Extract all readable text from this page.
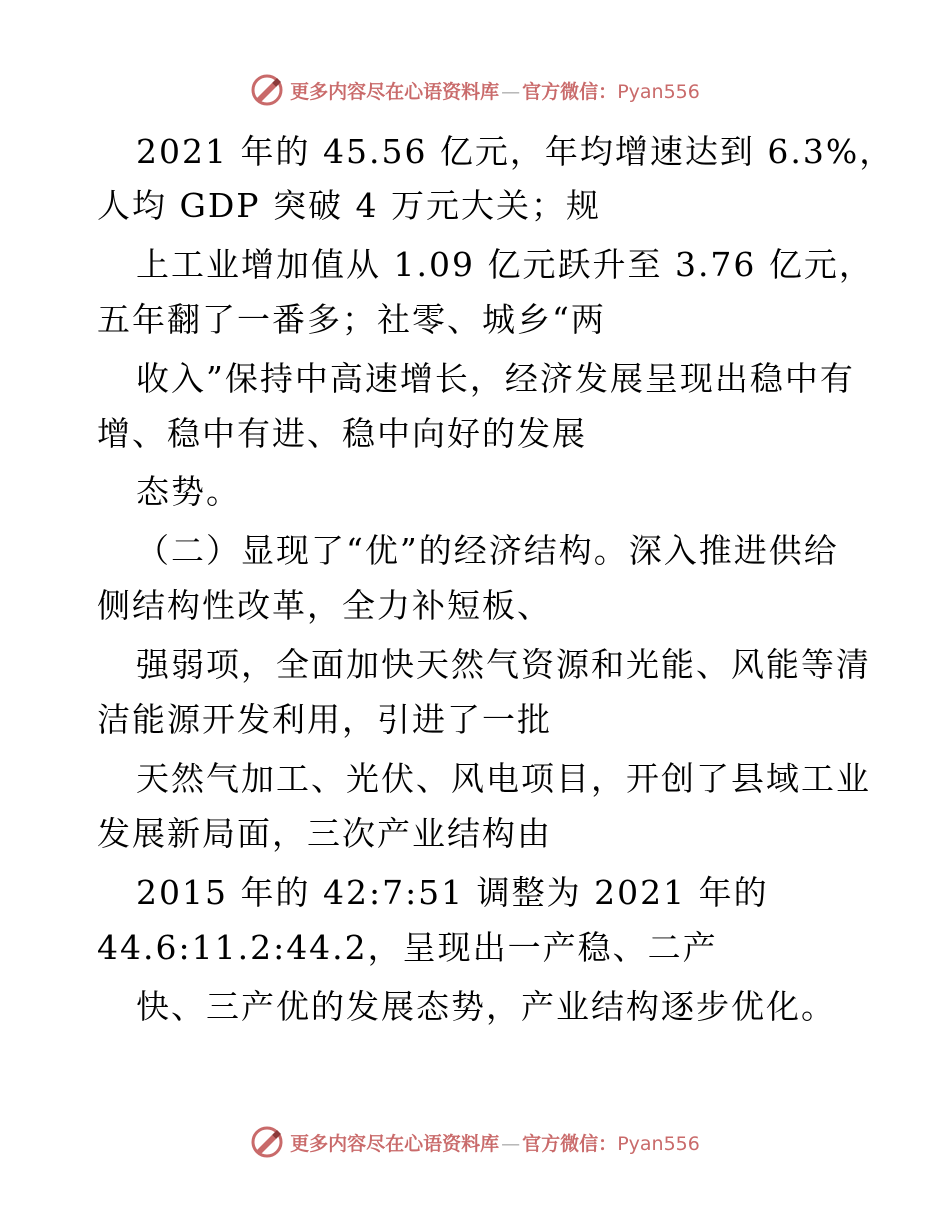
更多内容尽在心语资料库 — 官方微信：Pyan556
2021 年的 45.56 亿元，年均增速达到 6.3%，
人均 GDP 突破 4 万元大关；规
上工业增加值从 1.09 亿元跃升至 3.76 亿元，
五年翻了一番多；社零、城乡“两
收入”保持中高速增长，经济发展呈现出稳中有
增、稳中有进、稳中向好的发展
态势。
（二）显现了“优”的经济结构。深入推进供给
侧结构性改革，全力补短板、
强弱项，全面加快天然气资源和光能、风能等清
洁能源开发利用，引进了一批
天然气加工、光伏、风电项目，开创了县域工业
发展新局面，三次产业结构由
2015 年的 42:7:51 调整为 2021 年的
44.6:11.2:44.2，呈现出一产稳、二产
快、三产优的发展态势，产业结构逐步优化。
更多内容尽在心语资料库 — 官方微信：Pyan556
